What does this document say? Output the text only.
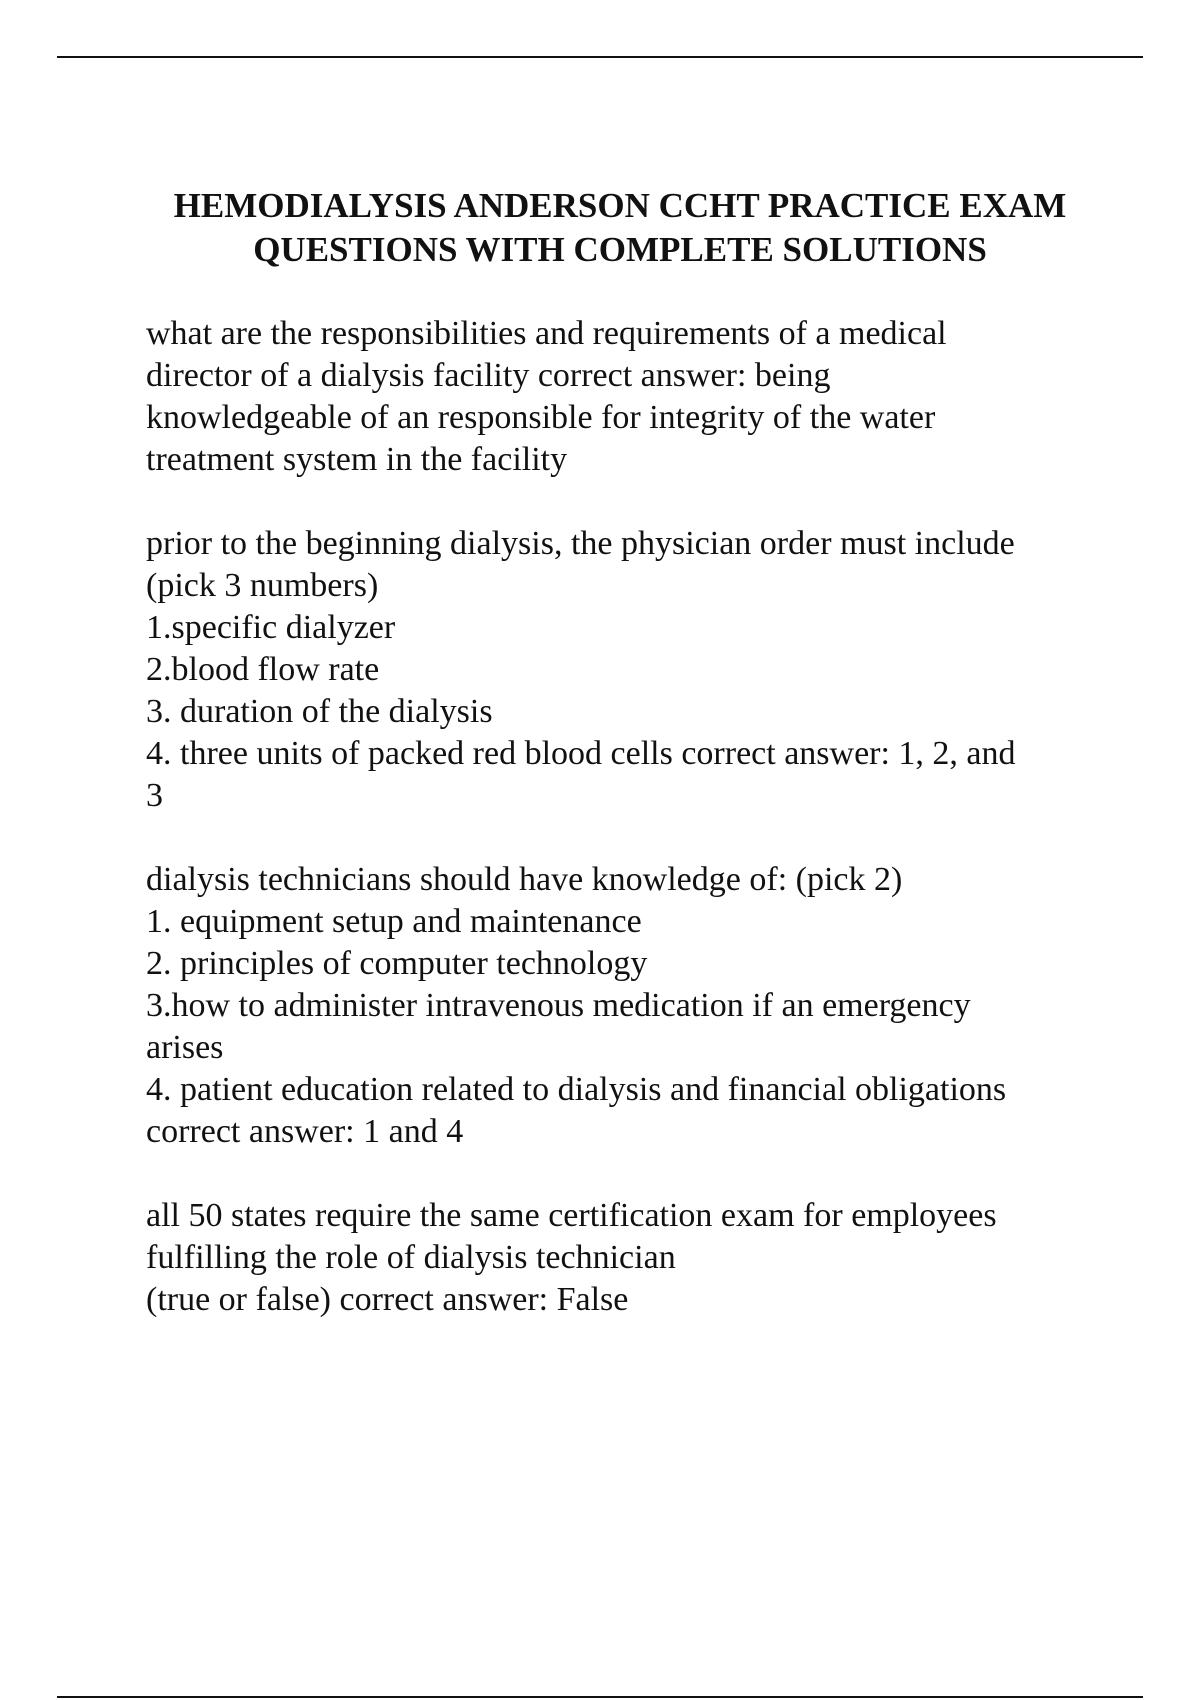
HEMODIALYSIS ANDERSON CCHT PRACTICE EXAM
QUESTIONS WITH COMPLETE SOLUTIONS
what are the responsibilities and requirements of a medical
director of a dialysis facility correct answer: being
knowledgeable of an responsible for integrity of the water
treatment system in the facility
prior to the beginning dialysis, the physician order must include
(pick 3 numbers)
1.specific dialyzer
2.blood flow rate
3. duration of the dialysis
4. three units of packed red blood cells correct answer: 1, 2, and
3
dialysis technicians should have knowledge of: (pick 2)
1. equipment setup and maintenance
2. principles of computer technology
3.how to administer intravenous medication if an emergency
arises
4. patient education related to dialysis and financial obligations
correct answer: 1 and 4
all 50 states require the same certification exam for employees
fulfilling the role of dialysis technician
(true or false) correct answer: False
